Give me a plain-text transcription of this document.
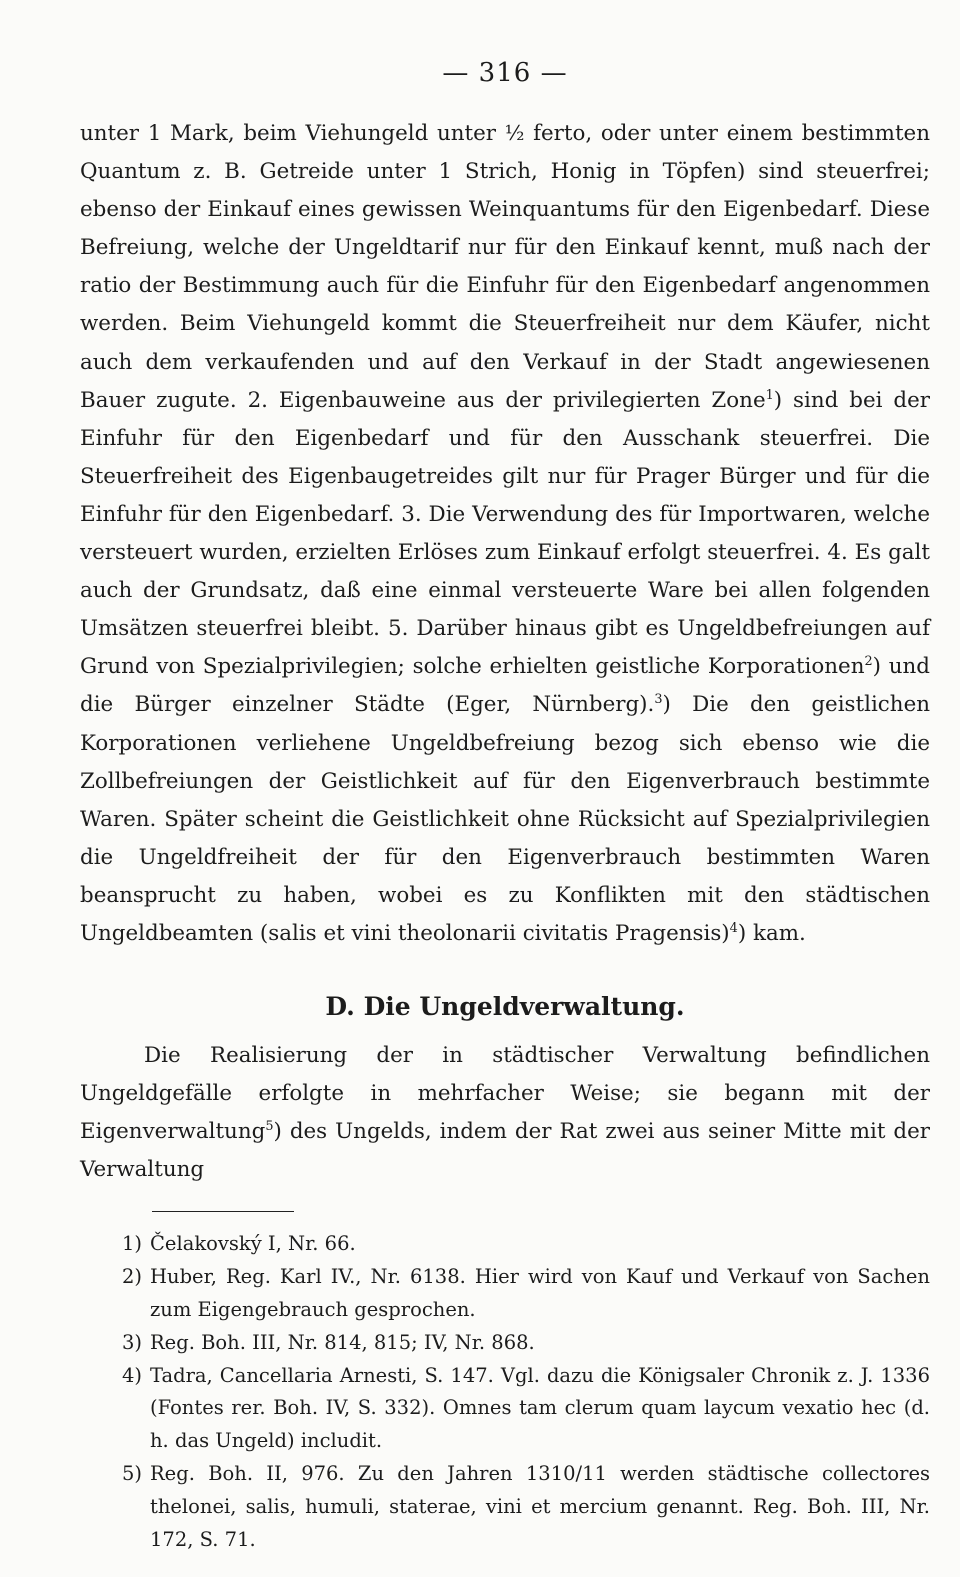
— 316 —

unter 1 Mark, beim Viehungeld unter ½ ferto, oder unter einem bestimmten Quantum z. B. Getreide unter 1 Strich, Honig in Töpfen) sind steuerfrei; ebenso der Einkauf eines gewissen Weinquantums für den Eigenbedarf. Diese Befreiung, welche der Ungeldtarif nur für den Einkauf kennt, muß nach der ratio der Bestimmung auch für die Einfuhr für den Eigenbedarf angenommen werden. Beim Viehungeld kommt die Steuerfreiheit nur dem Käufer, nicht auch dem verkaufenden und auf den Verkauf in der Stadt angewiesenen Bauer zugute. 2. Eigenbauweine aus der privilegierten Zone$^1$) sind bei der Einfuhr für den Eigenbedarf und für den Ausschank steuerfrei. Die Steuerfreiheit des Eigenbaugetreides gilt nur für Prager Bürger und für die Einfuhr für den Eigenbedarf. 3. Die Verwendung des für Importwaren, welche versteuert wurden, erzielten Erlöses zum Einkauf erfolgt steuerfrei. 4. Es galt auch der Grundsatz, daß eine einmal versteuerte Ware bei allen folgenden Umsätzen steuerfrei bleibt. 5. Darüber hinaus gibt es Ungeldbefreiungen auf Grund von Spezialprivilegien; solche erhielten geistliche Korporationen$^2$) und die Bürger einzelner Städte (Eger, Nürnberg).$^3$) Die den geistlichen Korporationen verliehene Ungeldbefreiung bezog sich ebenso wie die Zollbefreiungen der Geistlichkeit auf für den Eigenverbrauch bestimmte Waren. Später scheint die Geistlichkeit ohne Rücksicht auf Spezialprivilegien die Ungeldfreiheit der für den Eigenverbrauch bestimmten Waren beansprucht zu haben, wobei es zu Konflikten mit den städtischen Ungeldbeamten (salis et vini theolonarii civitatis Pragensis)$^4$) kam.

D. Die Ungeldverwaltung.

Die Realisierung der in städtischer Verwaltung befindlichen Ungeldgefälle erfolgte in mehrfacher Weise; sie begann mit der Eigenverwaltung$^5$) des Ungelds, indem der Rat zwei aus seiner Mitte mit der Verwaltung

1) Čelakovský I, Nr. 66.
2) Huber, Reg. Karl IV., Nr. 6138. Hier wird von Kauf und Verkauf von Sachen zum Eigengebrauch gesprochen.
3) Reg. Boh. III, Nr. 814, 815; IV, Nr. 868.
4) Tadra, Cancellaria Arnesti, S. 147. Vgl. dazu die Königsaler Chronik z. J. 1336 (Fontes rer. Boh. IV, S. 332). Omnes tam clerum quam laycum vexatio hec (d. h. das Ungeld) includit.
5) Reg. Boh. II, 976. Zu den Jahren 1310/11 werden städtische collectores thelonei, salis, humuli, staterae, vini et mercium genannt. Reg. Boh. III, Nr. 172, S. 71.
